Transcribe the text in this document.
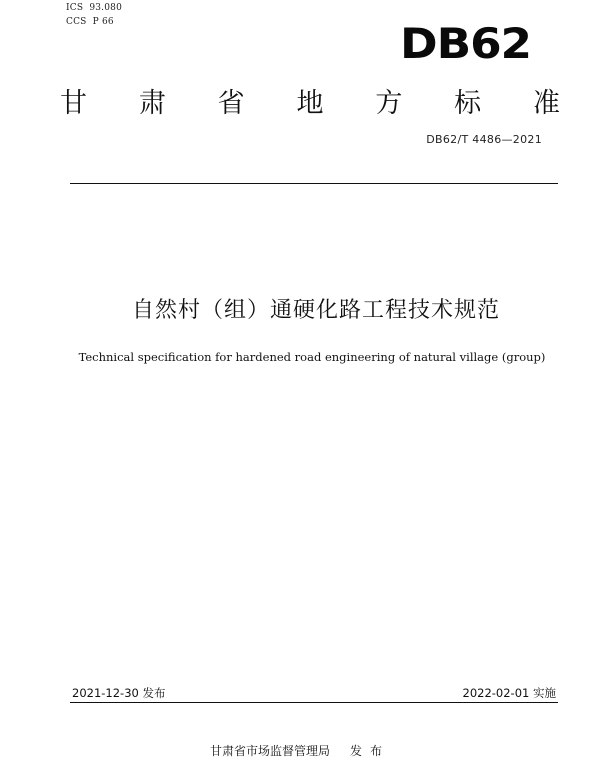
ICS  93.080
CCS  P 66	DB62
甘 肃 省 地 方 标 准
DB62/T 4486—2021
自然村（组）通硬化路工程技术规范
Technical specification for hardened road engineering of natural village (group)
2021-12-30 发布	2022-02-01 实施
甘肃省市场监督管理局 发布
